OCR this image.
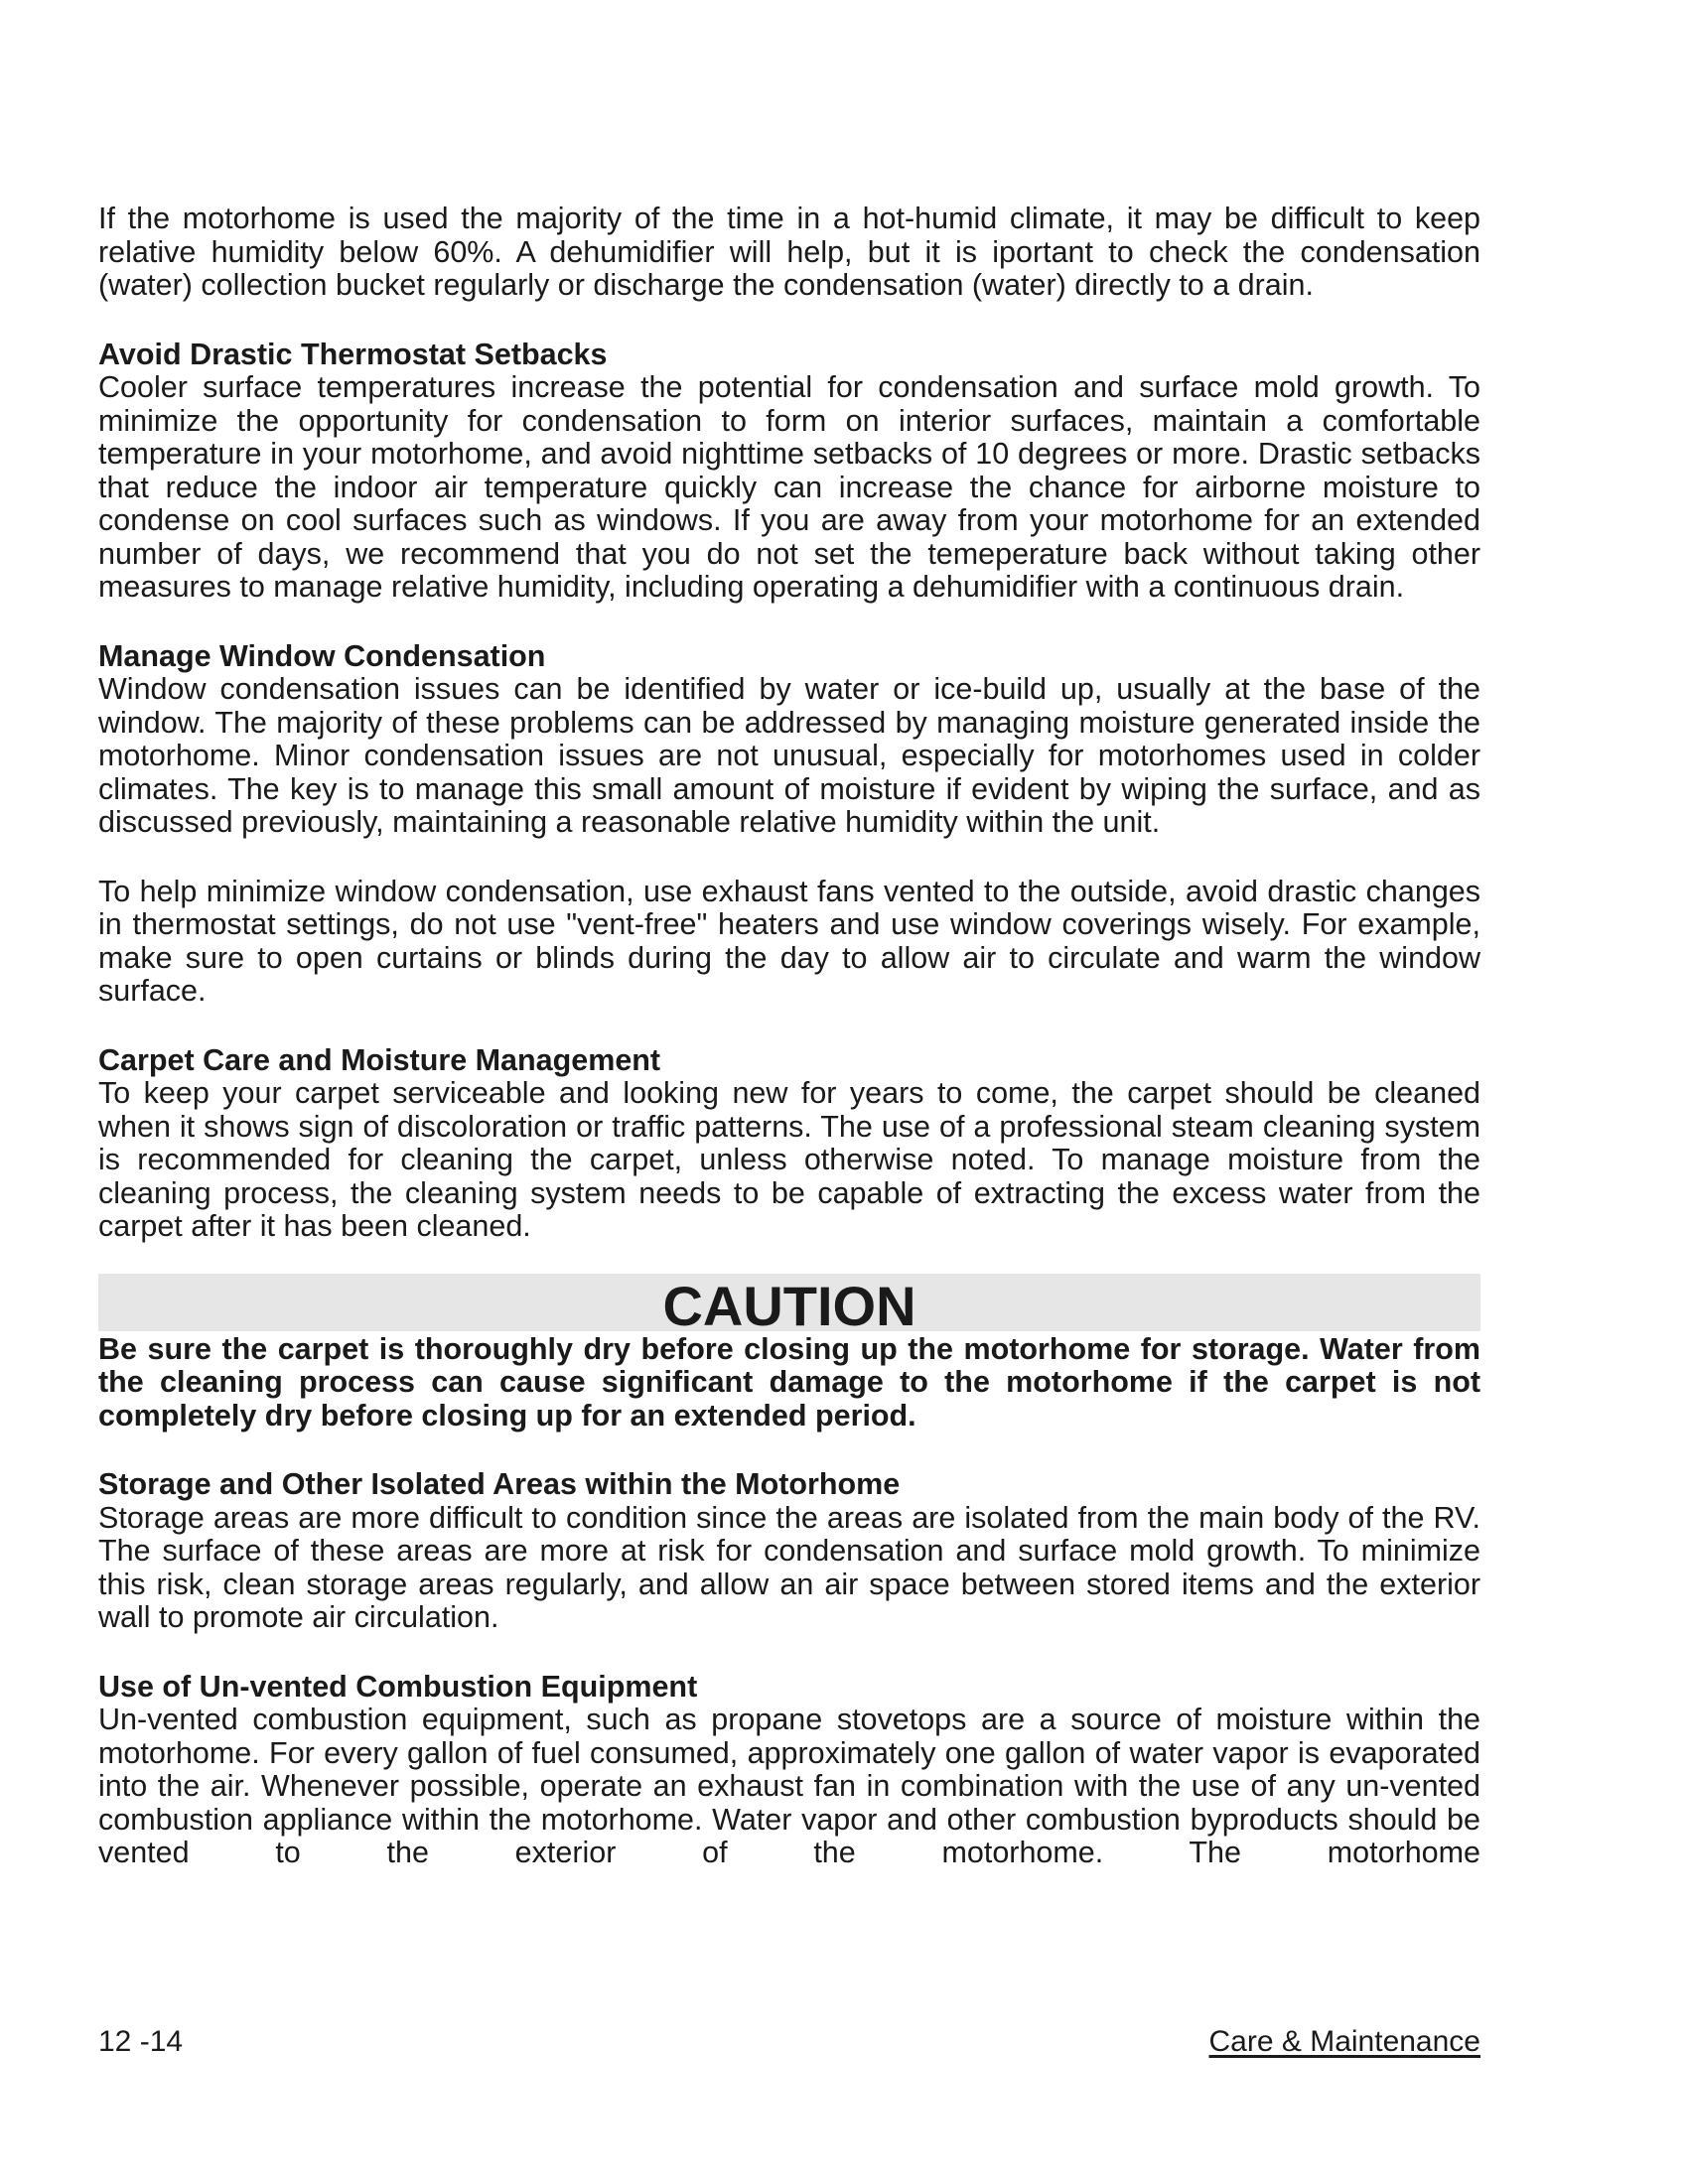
If the motorhome is used the majority of the time in a hot-humid climate, it may be difficult to keep relative humidity below 60%. A dehumidifier will help, but it is iportant to check the condensation (water) collection bucket regularly or discharge the condensation (water) directly to a drain.

Avoid Drastic Thermostat Setbacks

Cooler surface temperatures increase the potential for condensation and surface mold growth. To minimize the opportunity for condensation to form on interior surfaces, maintain a comfortable temperature in your motorhome, and avoid nighttime setbacks of 10 degrees or more. Drastic setbacks that reduce the indoor air temperature quickly can increase the chance for airborne moisture to condense on cool surfaces such as windows. If you are away from your motorhome for an extended number of days, we recommend that you do not set the temeperature back without taking other measures to manage relative humidity, including operating a dehumidifier with a continuous drain.

Manage Window Condensation

Window condensation issues can be identified by water or ice-build up, usually at the base of the window. The majority of these problems can be addressed by managing moisture generated inside the motorhome. Minor condensation issues are not unusual, especially for motorhomes used in colder climates. The key is to manage this small amount of moisture if evident by wiping the surface, and as discussed previously, maintaining a reasonable relative humidity within the unit.

To help minimize window condensation, use exhaust fans vented to the outside, avoid drastic changes in thermostat settings, do not use "vent-free" heaters and use window coverings wisely. For example, make sure to open curtains or blinds during the day to allow air to circulate and warm the window surface.

Carpet Care and Moisture Management

To keep your carpet serviceable and looking new for years to come, the carpet should be cleaned when it shows sign of discoloration or traffic patterns. The use of a professional steam cleaning system is recommended for cleaning the carpet, unless otherwise noted. To manage moisture from the cleaning process, the cleaning system needs to be capable of extracting the excess water from the carpet after it has been cleaned.

CAUTION

Be sure the carpet is thoroughly dry before closing up the motorhome for storage. Water from the cleaning process can cause significant damage to the motorhome if the carpet is not completely dry before closing up for an extended period.

Storage and Other Isolated Areas within the Motorhome

Storage areas are more difficult to condition since the areas are isolated from the main body of the RV. The surface of these areas are more at risk for condensation and surface mold growth. To minimize this risk, clean storage areas regularly, and allow an air space between stored items and the exterior wall to promote air circulation.

Use of Un-vented Combustion Equipment

Un-vented combustion equipment, such as propane stovetops are a source of moisture within the motorhome. For every gallon of fuel consumed, approximately one gallon of water vapor is evaporated into the air. Whenever possible, operate an exhaust fan in combination with the use of any un-vented combustion appliance within the motorhome. Water vapor and other combustion byproducts should be vented to the exterior of the motorhome. The motorhome

12 -14	Care & Maintenance
